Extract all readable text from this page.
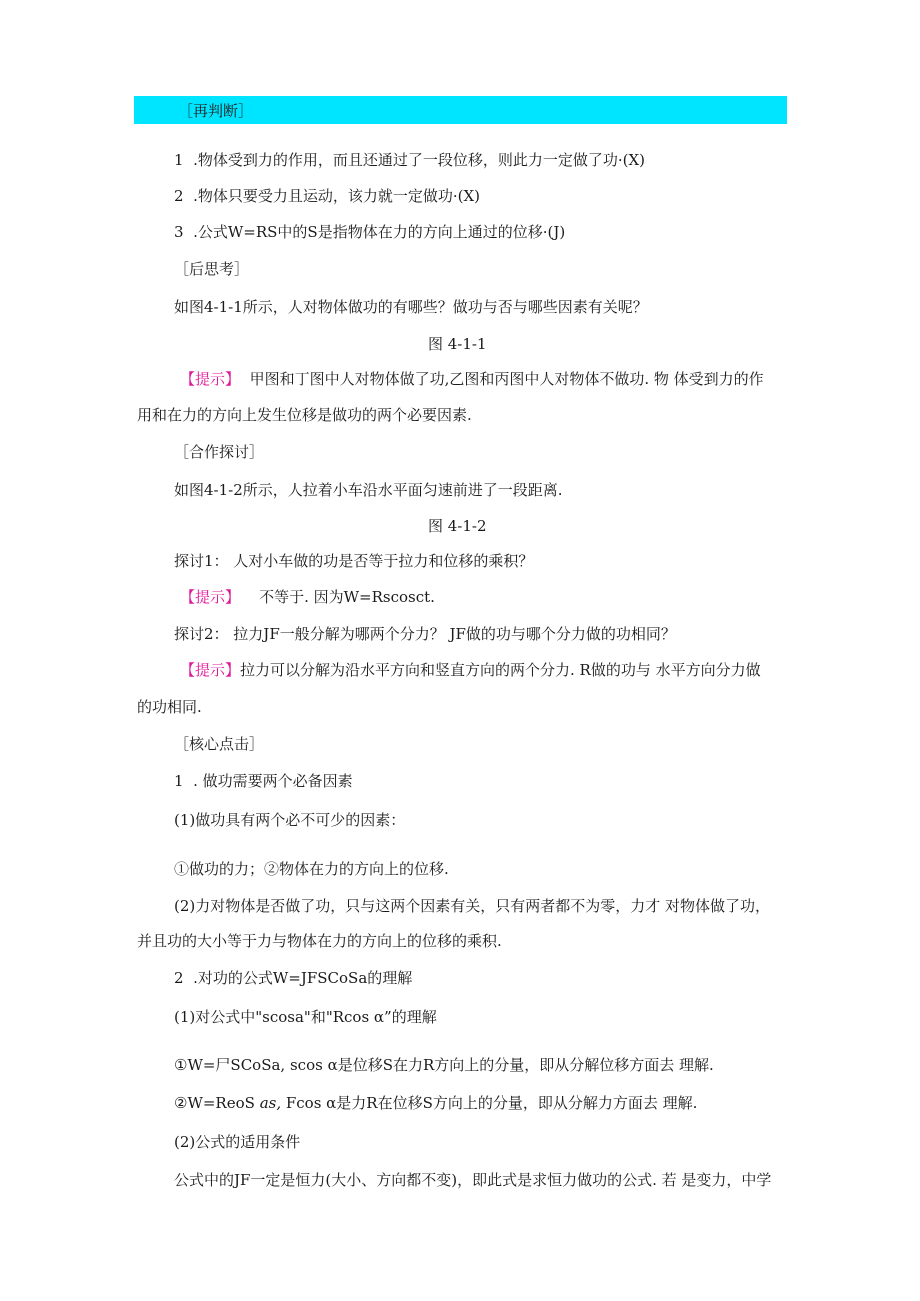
［再判断］
1 .物体受到力的作用，而且还通过了一段位移，则此力一定做了功·(X)
2 .物体只要受力且运动，该力就一定做功·(X)
3 .公式W=RS中的S是指物体在力的方向上通过的位移·(J)
［后思考］
如图4-1-1所示，人对物体做功的有哪些？做功与否与哪些因素有关呢？
图 4-1-1
【提示】 甲图和丁图中人对物体做了功,乙图和丙图中人对物体不做功. 物 体受到力的作
用和在力的方向上发生位移是做功的两个必要因素.
［合作探讨］
如图4-1-2所示，人拉着小车沿水平面匀速前进了一段距离.
图 4-1-2
探讨1： 人对小车做的功是否等于拉力和位移的乘积？
【提示】 不等于. 因为W=Rscosct.
探讨2： 拉力JF一般分解为哪两个分力？ JF做的功与哪个分力做的功相同？
【提示】拉力可以分解为沿水平方向和竖直方向的两个分力. R做的功与 水平方向分力做
的功相同.
［核心点击］
1 . 做功需要两个必备因素
(1)做功具有两个必不可少的因素：
①做功的力；②物体在力的方向上的位移.
(2)力对物体是否做了功，只与这两个因素有关，只有两者都不为零，力才 对物体做了功，
并且功的大小等于力与物体在力的方向上的位移的乘积.
2 .对功的公式W=JFSCoSa的理解
(1)对公式中"scosa"和"Rcos α”的理解
①W=尸SCoSa, scos α是位移S在力R方向上的分量，即从分解位移方面去 理解.
②W=ReoS as, Fcos α是力R在位移S方向上的分量，即从分解力方面去 理解.
(2)公式的适用条件
公式中的JF一定是恒力(大小、方向都不变)，即此式是求恒力做功的公式. 若 是变力，中学
